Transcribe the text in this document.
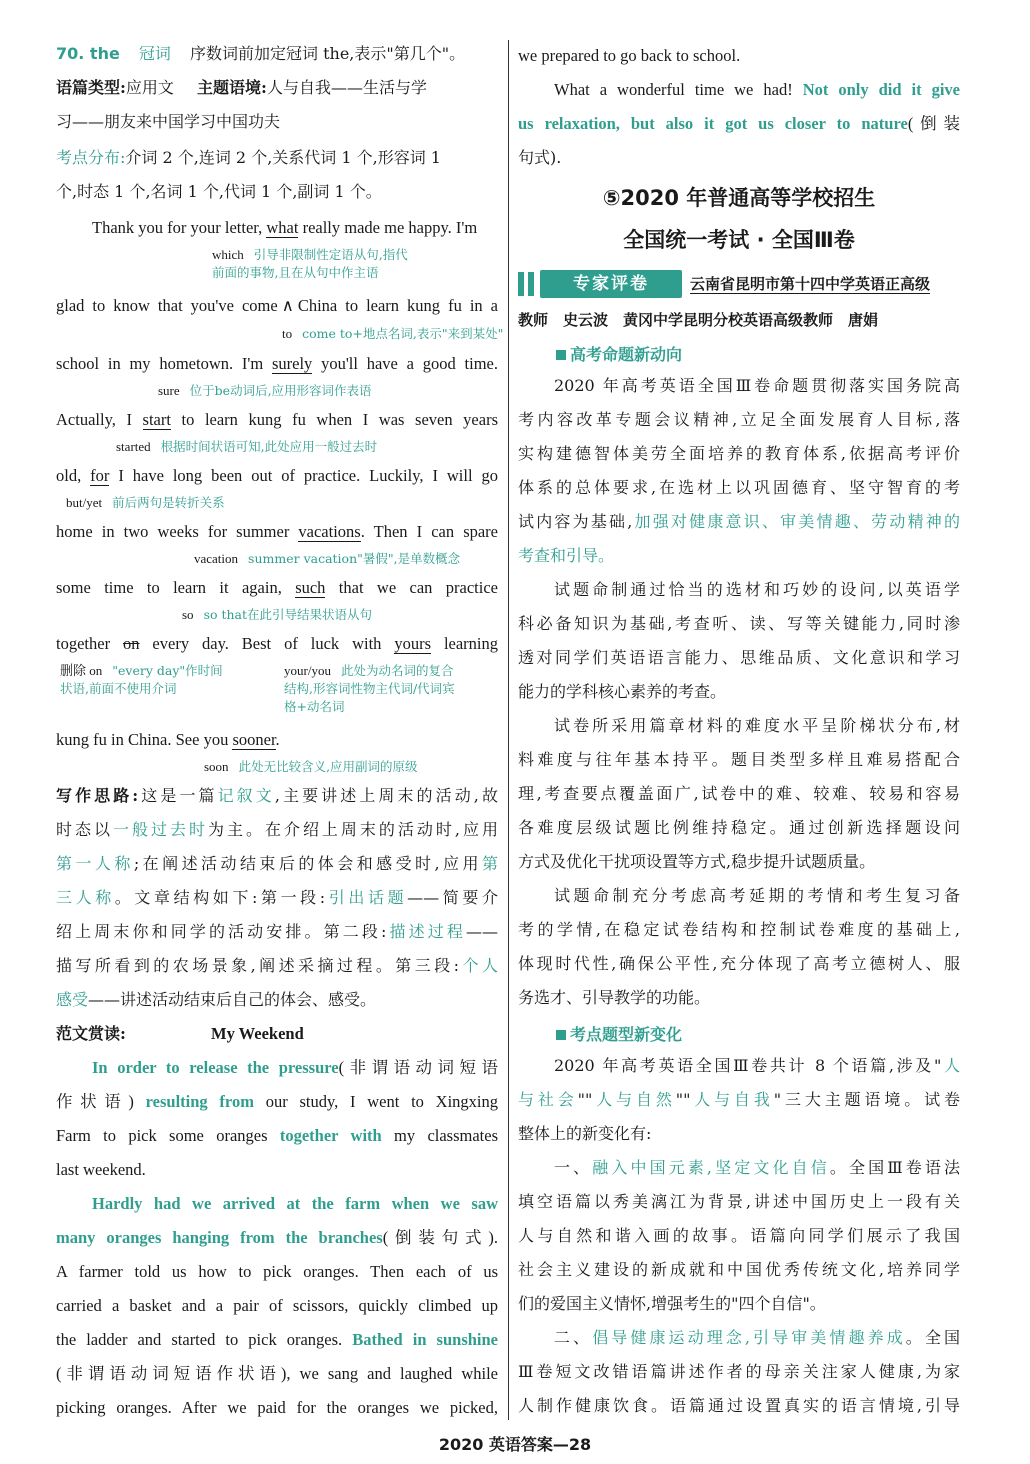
70. the 冠词 序数词前加定冠词 the,表示"第几个"。
语篇类型:应用文 主题语境:人与自我——生活与学
习——朋友来中国学习中国功夫
考点分布:介词 2 个,连词 2 个,关系代词 1 个,形容词 1
个,时态 1 个,名词 1 个,代词 1 个,副词 1 个。
Thank you for your letter, what really made me happy. I'm
which 引导非限制性定语从句,指代
前面的事物,且在从句中作主语
glad to know that you've come ∧ China to learn kung fu in a
to come to+地点名词,表示"来到某处"
school in my hometown. I'm surely you'll have a good time.
sure 位于be动词后,应用形容词作表语
Actually, I start to learn kung fu when I was seven years
started 根据时间状语可知,此处应用一般过去时
old, for I have long been out of practice. Luckily, I will go
but/yet 前后两句是转折关系
home in two weeks for summer vacations. Then I can spare
vacation summer vacation"暑假",是单数概念
some time to learn it again, such that we can practice
so so that在此引导结果状语从句
together on every day. Best of luck with yours learning
删除 on "every day"作时间
状语,前面不使用介词
your/you 此处为动名词的复合
结构,形容词性物主代词/代词宾
格+动名词
kung fu in China. See you sooner.
soon 此处无比较含义,应用副词的原级
写作思路:这是一篇记叙文,主要讲述上周末的活动,故
时态以一般过去时为主。在介绍上周末的活动时,应用
第一人称;在阐述活动结束后的体会和感受时,应用第
三人称。文章结构如下:第一段:引出话题——简要介
绍上周末你和同学的活动安排。第二段:描述过程——
描写所看到的农场景象,阐述采摘过程。第三段:个人
感受——讲述活动结束后自己的体会、感受。
范文赏读:	My Weekend
In order to release the pressure(非谓语动词短语
作状语) resulting from our study, I went to Xingxing
Farm to pick some oranges together with my classmates
last weekend.
Hardly had we arrived at the farm when we saw
many oranges hanging from the branches(倒装句式).
A farmer told us how to pick oranges. Then each of us
carried a basket and a pair of scissors, quickly climbed up
the ladder and started to pick oranges. Bathed in sunshine
(非谓语动词短语作状语), we sang and laughed while
picking oranges. After we paid for the oranges we picked,
we prepared to go back to school.
What a wonderful time we had! Not only did it give
us relaxation, but also it got us closer to nature(倒装
句式).
⑤2020 年普通高等学校招生
全国统一考试 · 全国Ⅲ卷
专家评卷	云南省昆明市第十四中学英语正高级
教师　史云波　黄冈中学昆明分校英语高级教师　唐娟
高考命题新动向
2020 年高考英语全国Ⅲ卷命题贯彻落实国务院高
考内容改革专题会议精神,立足全面发展育人目标,落
实构建德智体美劳全面培养的教育体系,依据高考评价
体系的总体要求,在选材上以巩固德育、坚守智育的考
试内容为基础,加强对健康意识、审美情趣、劳动精神的
考查和引导。
试题命制通过恰当的选材和巧妙的设问,以英语学
科必备知识为基础,考查听、读、写等关键能力,同时渗
透对同学们英语语言能力、思维品质、文化意识和学习
能力的学科核心素养的考查。
试卷所采用篇章材料的难度水平呈阶梯状分布,材
料难度与往年基本持平。题目类型多样且难易搭配合
理,考查要点覆盖面广,试卷中的难、较难、较易和容易
各难度层级试题比例维持稳定。通过创新选择题设问
方式及优化干扰项设置等方式,稳步提升试题质量。
试题命制充分考虑高考延期的考情和考生复习备
考的学情,在稳定试卷结构和控制试卷难度的基础上,
体现时代性,确保公平性,充分体现了高考立德树人、服
务选才、引导教学的功能。
考点题型新变化
2020 年高考英语全国Ⅲ卷共计 8 个语篇,涉及"人
与社会""人与自然""人与自我"三大主题语境。试卷
整体上的新变化有:
一、融入中国元素,坚定文化自信。全国Ⅲ卷语法
填空语篇以秀美漓江为背景,讲述中国历史上一段有关
人与自然和谐入画的故事。语篇向同学们展示了我国
社会主义建设的新成就和中国优秀传统文化,培养同学
们的爱国主义情怀,增强考生的"四个自信"。
二、倡导健康运动理念,引导审美情趣养成。全国
Ⅲ卷短文改错语篇讲述作者的母亲关注家人健康,为家
人制作健康饮食。语篇通过设置真实的语言情境,引导
2020 英语答案—28
